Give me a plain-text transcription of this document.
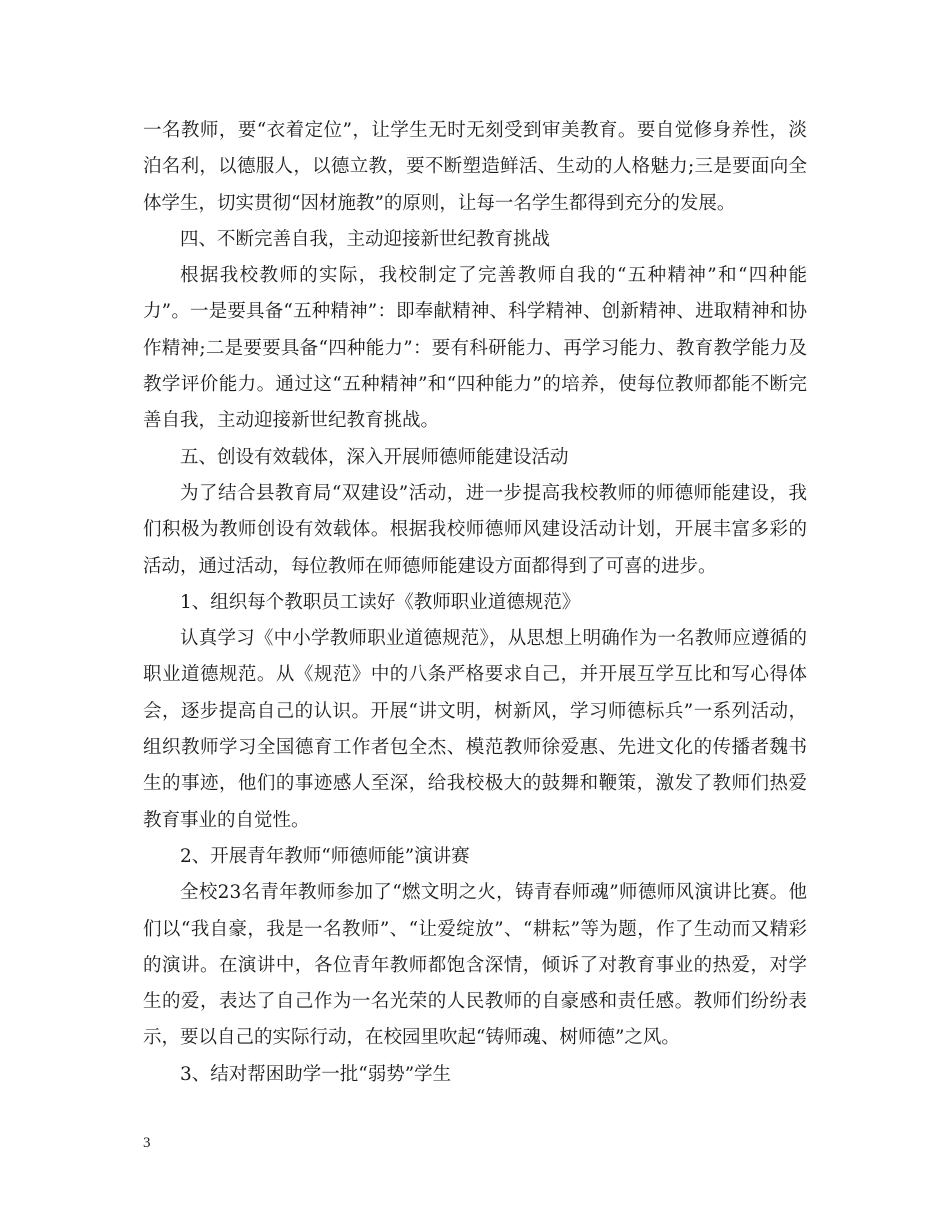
一名教师，要“衣着定位”，让学生无时无刻受到审美教育。要自觉修身养性，淡泊名利，以德服人，以德立教，要不断塑造鲜活、生动的人格魅力;三是要面向全体学生，切实贯彻“因材施教”的原则，让每一名学生都得到充分的发展。

四、不断完善自我，主动迎接新世纪教育挑战

根据我校教师的实际，我校制定了完善教师自我的“五种精神”和“四种能力”。一是要具备“五种精神”：即奉献精神、科学精神、创新精神、进取精神和协作精神;二是要要具备“四种能力”：要有科研能力、再学习能力、教育教学能力及教学评价能力。通过这“五种精神”和“四种能力”的培养，使每位教师都能不断完善自我，主动迎接新世纪教育挑战。

五、创设有效载体，深入开展师德师能建设活动

为了结合县教育局“双建设”活动，进一步提高我校教师的师德师能建设，我们积极为教师创设有效载体。根据我校师德师风建设活动计划，开展丰富多彩的活动，通过活动，每位教师在师德师能建设方面都得到了可喜的进步。

1、组织每个教职员工读好《教师职业道德规范》

认真学习《中小学教师职业道德规范》，从思想上明确作为一名教师应遵循的职业道德规范。从《规范》中的八条严格要求自己，并开展互学互比和写心得体会，逐步提高自己的认识。开展“讲文明，树新风，学习师德标兵”一系列活动，组织教师学习全国德育工作者包全杰、模范教师徐爱惠、先进文化的传播者魏书生的事迹，他们的事迹感人至深，给我校极大的鼓舞和鞭策，激发了教师们热爱教育事业的自觉性。

2、开展青年教师“师德师能”演讲赛

全校23名青年教师参加了“燃文明之火，铸青春师魂”师德师风演讲比赛。他们以“我自豪，我是一名教师”、“让爱绽放”、“耕耘”等为题，作了生动而又精彩的演讲。在演讲中，各位青年教师都饱含深情，倾诉了对教育事业的热爱，对学生的爱，表达了自己作为一名光荣的人民教师的自豪感和责任感。教师们纷纷表示，要以自己的实际行动，在校园里吹起“铸师魂、树师德”之风。

3、结对帮困助学一批“弱势”学生

3
